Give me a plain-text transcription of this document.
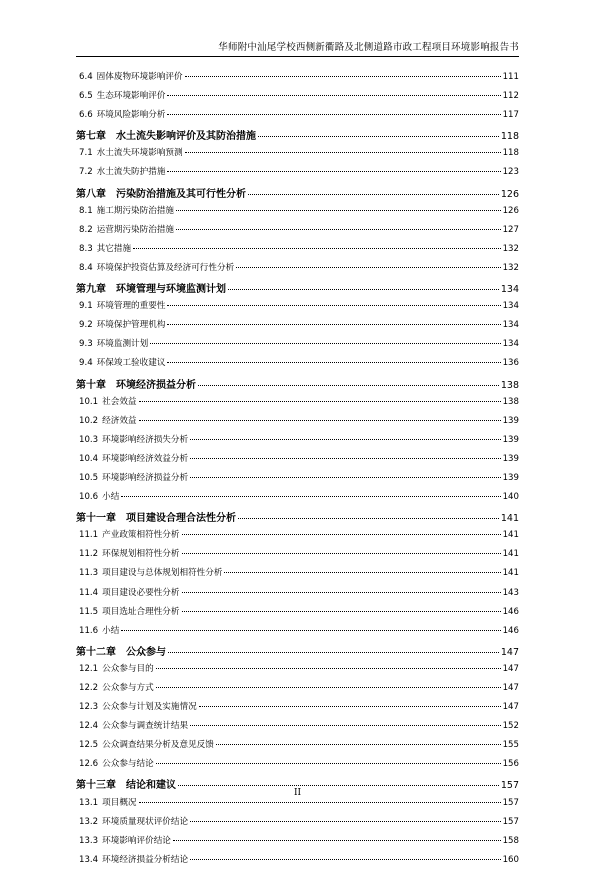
华师附中汕尾学校西侧新衢路及北侧道路市政工程项目环境影响报告书
6.4 固体废物环境影响评价	111
6.5 生态环境影响评价	112
6.6 环境风险影响分析	117
第七章 水土流失影响评价及其防治措施	118
7.1 水土流失环境影响预测	118
7.2 水土流失防护措施	123
第八章 污染防治措施及其可行性分析	126
8.1 施工期污染防治措施	126
8.2 运营期污染防治措施	127
8.3 其它措施	132
8.4 环境保护投资估算及经济可行性分析	132
第九章 环境管理与环境监测计划	134
9.1 环境管理的重要性	134
9.2 环境保护管理机构	134
9.3 环境监测计划	134
9.4 环保竣工验收建议	136
第十章 环境经济损益分析	138
10.1 社会效益	138
10.2 经济效益	139
10.3 环境影响经济损失分析	139
10.4 环境影响经济效益分析	139
10.5 环境影响经济损益分析	139
10.6 小结	140
第十一章 项目建设合理合法性分析	141
11.1 产业政策相符性分析	141
11.2 环保规划相符性分析	141
11.3 项目建设与总体规划相符性分析	141
11.4 项目建设必要性分析	143
11.5 项目选址合理性分析	146
11.6 小结	146
第十二章 公众参与	147
12.1 公众参与目的	147
12.2 公众参与方式	147
12.3 公众参与计划及实施情况	147
12.4 公众参与调查统计结果	152
12.5 公众调查结果分析及意见反馈	155
12.6 公众参与结论	156
第十三章 结论和建议	157
13.1 项目概况	157
13.2 环境质量现状评价结论	157
13.3 环境影响评价结论	158
13.4 环境经济损益分析结论	160
II
